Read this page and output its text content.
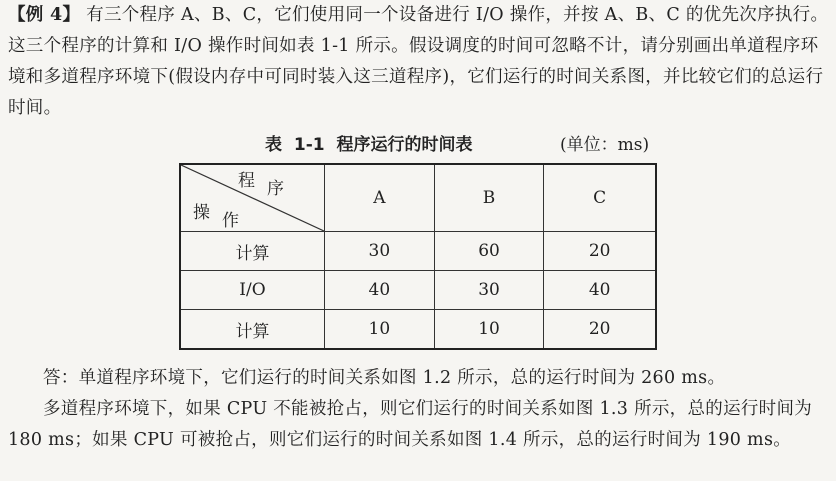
【例 4】 有三个程序 A、B、C，它们使用同一个设备进行 I/O 操作，并按 A、B、C 的优先次序执行。这三个程序的计算和 I/O 操作时间如表 1-1 所示。假设调度的时间可忽略不计，请分别画出单道程序环境和多道程序环境下(假设内存中可同时装入这三道程序)，它们运行的时间关系图，并比较它们的总运行时间。
表 1-1 程序运行的时间表	(单位：ms)
程序
操作	A	B	C
计算	30	60	20
I/O	40	30	40
计算	10	10	20
答：单道程序环境下，它们运行的时间关系如图 1.2 所示，总的运行时间为 260 ms。
多道程序环境下，如果 CPU 不能被抢占，则它们运行的时间关系如图 1.3 所示，总的运行时间为 180 ms；如果 CPU 可被抢占，则它们运行的时间关系如图 1.4 所示，总的运行时间为 190 ms。
